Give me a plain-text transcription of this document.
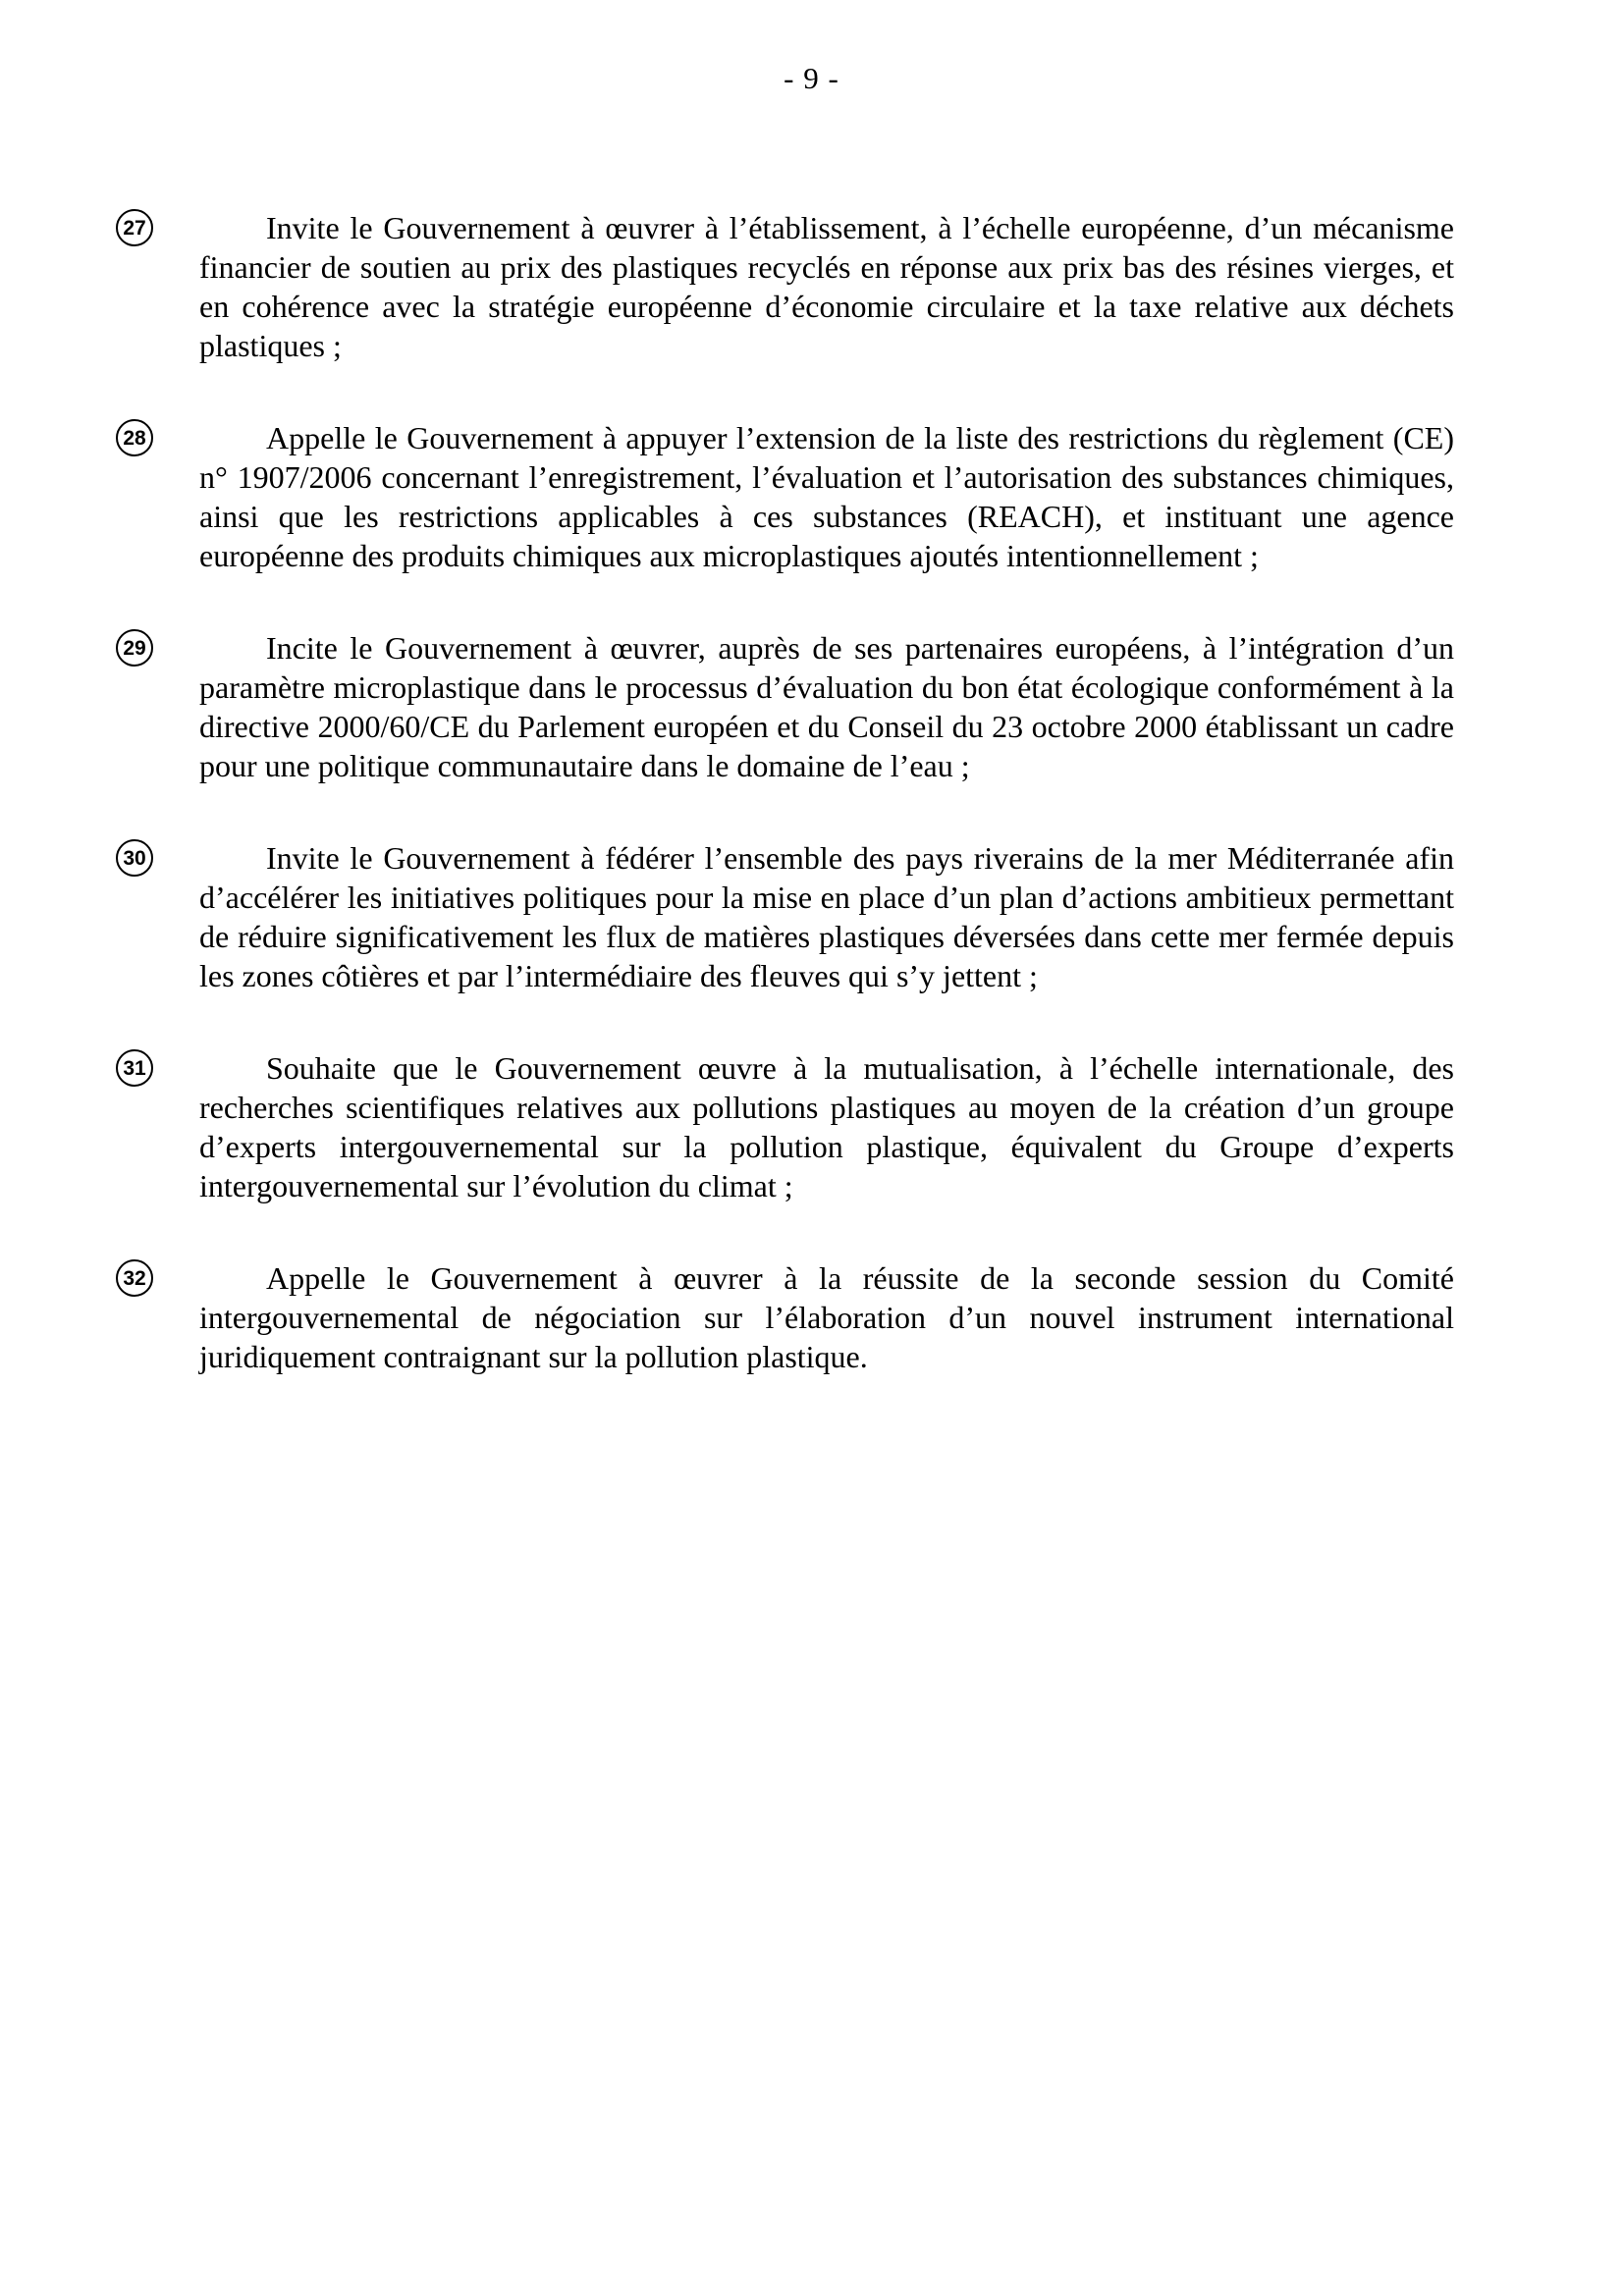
- 9 -
27	Invite le Gouvernement à œuvrer à l’établissement, à l’échelle européenne, d’un mécanisme financier de soutien au prix des plastiques recyclés en réponse aux prix bas des résines vierges, et en cohérence avec la stratégie européenne d’économie circulaire et la taxe relative aux déchets plastiques ;

28	Appelle le Gouvernement à appuyer l’extension de la liste des restrictions du règlement (CE) n° 1907/2006 concernant l’enregistrement, l’évaluation et l’autorisation des substances chimiques, ainsi que les restrictions applicables à ces substances (REACH), et instituant une agence européenne des produits chimiques aux microplastiques ajoutés intentionnellement ;

29	Incite le Gouvernement à œuvrer, auprès de ses partenaires européens, à l’intégration d’un paramètre microplastique dans le processus d’évaluation du bon état écologique conformément à la directive 2000/60/CE du Parlement européen et du Conseil du 23 octobre 2000 établissant un cadre pour une politique communautaire dans le domaine de l’eau ;

30	Invite le Gouvernement à fédérer l’ensemble des pays riverains de la mer Méditerranée afin d’accélérer les initiatives politiques pour la mise en place d’un plan d’actions ambitieux permettant de réduire significativement les flux de matières plastiques déversées dans cette mer fermée depuis les zones côtières et par l’intermédiaire des fleuves qui s’y jettent ;

31	Souhaite que le Gouvernement œuvre à la mutualisation, à l’échelle internationale, des recherches scientifiques relatives aux pollutions plastiques au moyen de la création d’un groupe d’experts intergouvernemental sur la pollution plastique, équivalent du Groupe d’experts intergouvernemental sur l’évolution du climat ;

32	Appelle le Gouvernement à œuvrer à la réussite de la seconde session du Comité intergouvernemental de négociation sur l’élaboration d’un nouvel instrument international juridiquement contraignant sur la pollution plastique.
